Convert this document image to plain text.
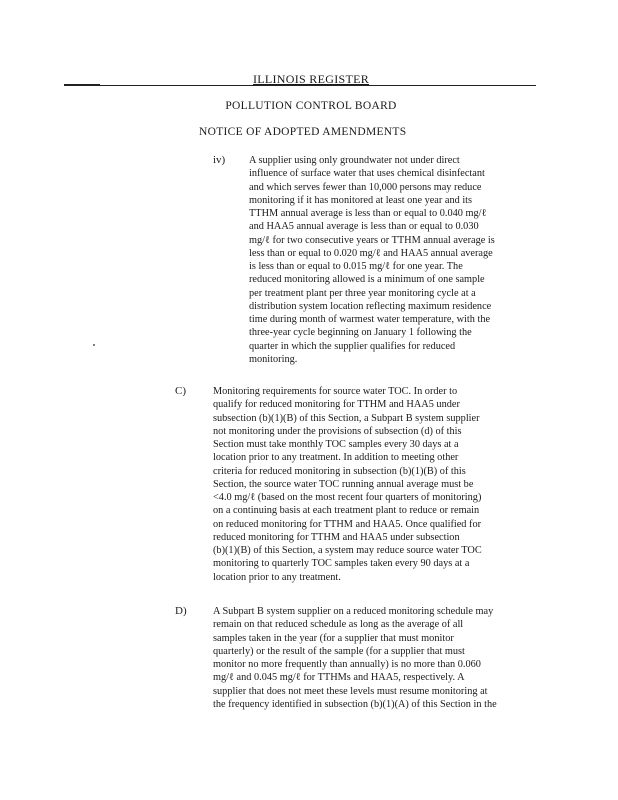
ILLINOIS REGISTER
POLLUTION CONTROL BOARD
NOTICE OF ADOPTED AMENDMENTS
iv) A supplier using only groundwater not under direct
influence of surface water that uses chemical disinfectant
and which serves fewer than 10,000 persons may reduce
monitoring if it has monitored at least one year and its
TTHM annual average is less than or equal to 0.040 mg/ℓ
and HAA5 annual average is less than or equal to 0.030
mg/ℓ for two consecutive years or TTHM annual average is
less than or equal to 0.020 mg/ℓ and HAA5 annual average
is less than or equal to 0.015 mg/ℓ for one year. The
reduced monitoring allowed is a minimum of one sample
per treatment plant per three year monitoring cycle at a
distribution system location reflecting maximum residence
time during month of warmest water temperature, with the
three-year cycle beginning on January 1 following the
quarter in which the supplier qualifies for reduced
monitoring.
C)	Monitoring requirements for source water TOC. In order to
qualify for reduced monitoring for TTHM and HAA5 under
subsection (b)(1)(B) of this Section, a Subpart B system supplier
not monitoring under the provisions of subsection (d) of this
Section must take monthly TOC samples every 30 days at a
location prior to any treatment. In addition to meeting other
criteria for reduced monitoring in subsection (b)(1)(B) of this
Section, the source water TOC running annual average must be
<4.0 mg/ℓ (based on the most recent four quarters of monitoring)
on a continuing basis at each treatment plant to reduce or remain
on reduced monitoring for TTHM and HAA5. Once qualified for
reduced monitoring for TTHM and HAA5 under subsection
(b)(1)(B) of this Section, a system may reduce source water TOC
monitoring to quarterly TOC samples taken every 90 days at a
location prior to any treatment.
D)	A Subpart B system supplier on a reduced monitoring schedule may
remain on that reduced schedule as long as the average of all
samples taken in the year (for a supplier that must monitor
quarterly) or the result of the sample (for a supplier that must
monitor no more frequently than annually) is no more than 0.060
mg/ℓ and 0.045 mg/ℓ for TTHMs and HAA5, respectively. A
supplier that does not meet these levels must resume monitoring at
the frequency identified in subsection (b)(1)(A) of this Section in the
